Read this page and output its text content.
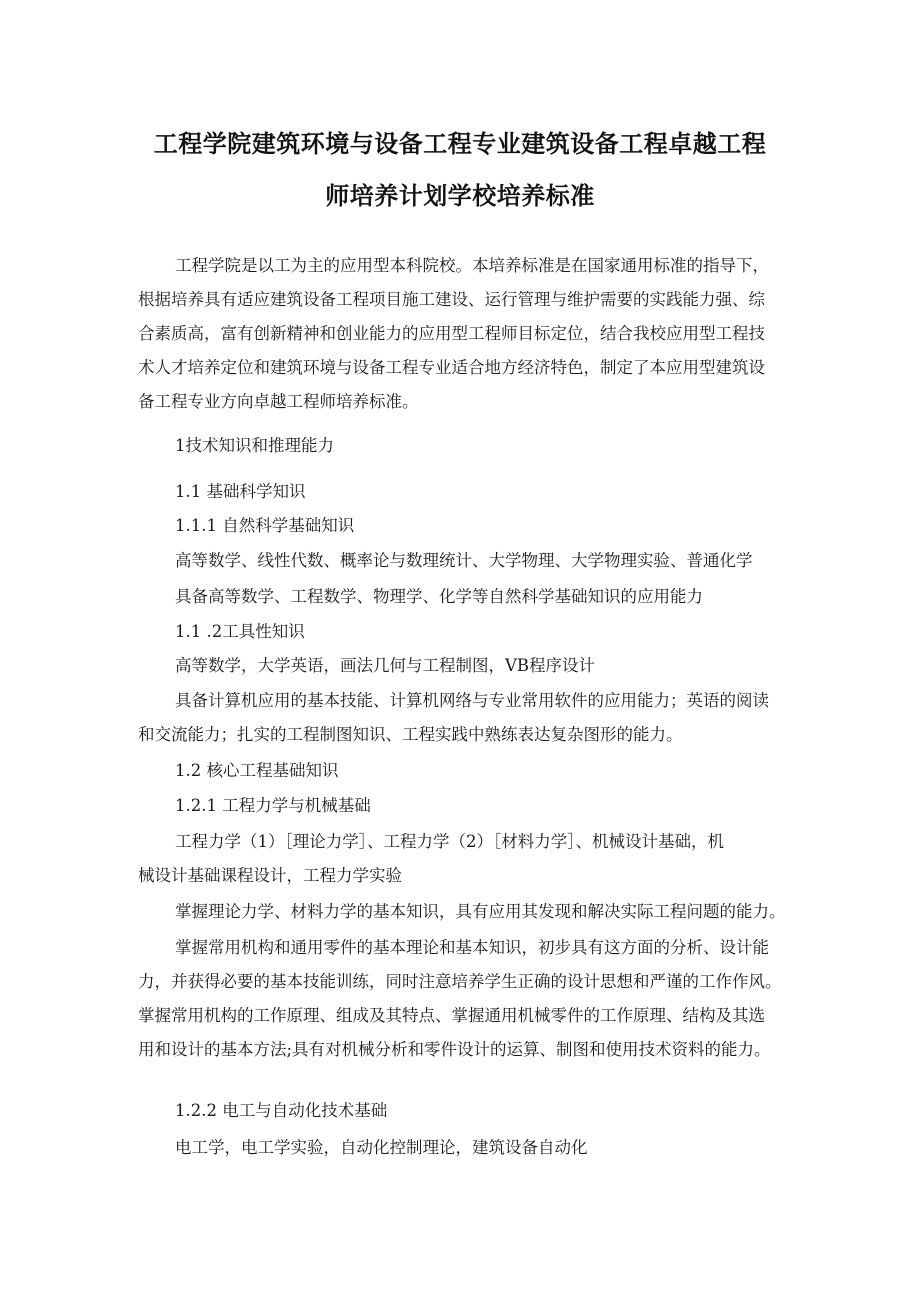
工程学院建筑环境与设备工程专业建筑设备工程卓越工程
师培养计划学校培养标准
工程学院是以工为主的应用型本科院校。本培养标准是在国家通用标准的指导下，
根据培养具有适应建筑设备工程项目施工建设、运行管理与维护需要的实践能力强、综
合素质高，富有创新精神和创业能力的应用型工程师目标定位，结合我校应用型工程技
术人才培养定位和建筑环境与设备工程专业适合地方经济特色，制定了本应用型建筑设
备工程专业方向卓越工程师培养标准。
1技术知识和推理能力
1.1 基础科学知识
1.1.1 自然科学基础知识
高等数学、线性代数、概率论与数理统计、大学物理、大学物理实验、普通化学
具备高等数学、工程数学、物理学、化学等自然科学基础知识的应用能力
1.1 .2工具性知识
高等数学，大学英语，画法几何与工程制图，VB程序设计
具备计算机应用的基本技能、计算机网络与专业常用软件的应用能力；英语的阅读
和交流能力；扎实的工程制图知识、工程实践中熟练表达复杂图形的能力。
1.2 核心工程基础知识
1.2.1 工程力学与机械基础
工程力学（1）［理论力学］、工程力学（2）［材料力学］、机械设计基础，机
械设计基础课程设计，工程力学实验
掌握理论力学、材料力学的基本知识，具有应用其发现和解决实际工程问题的能力。
掌握常用机构和通用零件的基本理论和基本知识，初步具有这方面的分析、设计能
力，并获得必要的基本技能训练，同时注意培养学生正确的设计思想和严谨的工作作风。
掌握常用机构的工作原理、组成及其特点、掌握通用机械零件的工作原理、结构及其选
用和设计的基本方法;具有对机械分析和零件设计的运算、制图和使用技术资料的能力。
1.2.2 电工与自动化技术基础
电工学，电工学实验，自动化控制理论，建筑设备自动化
